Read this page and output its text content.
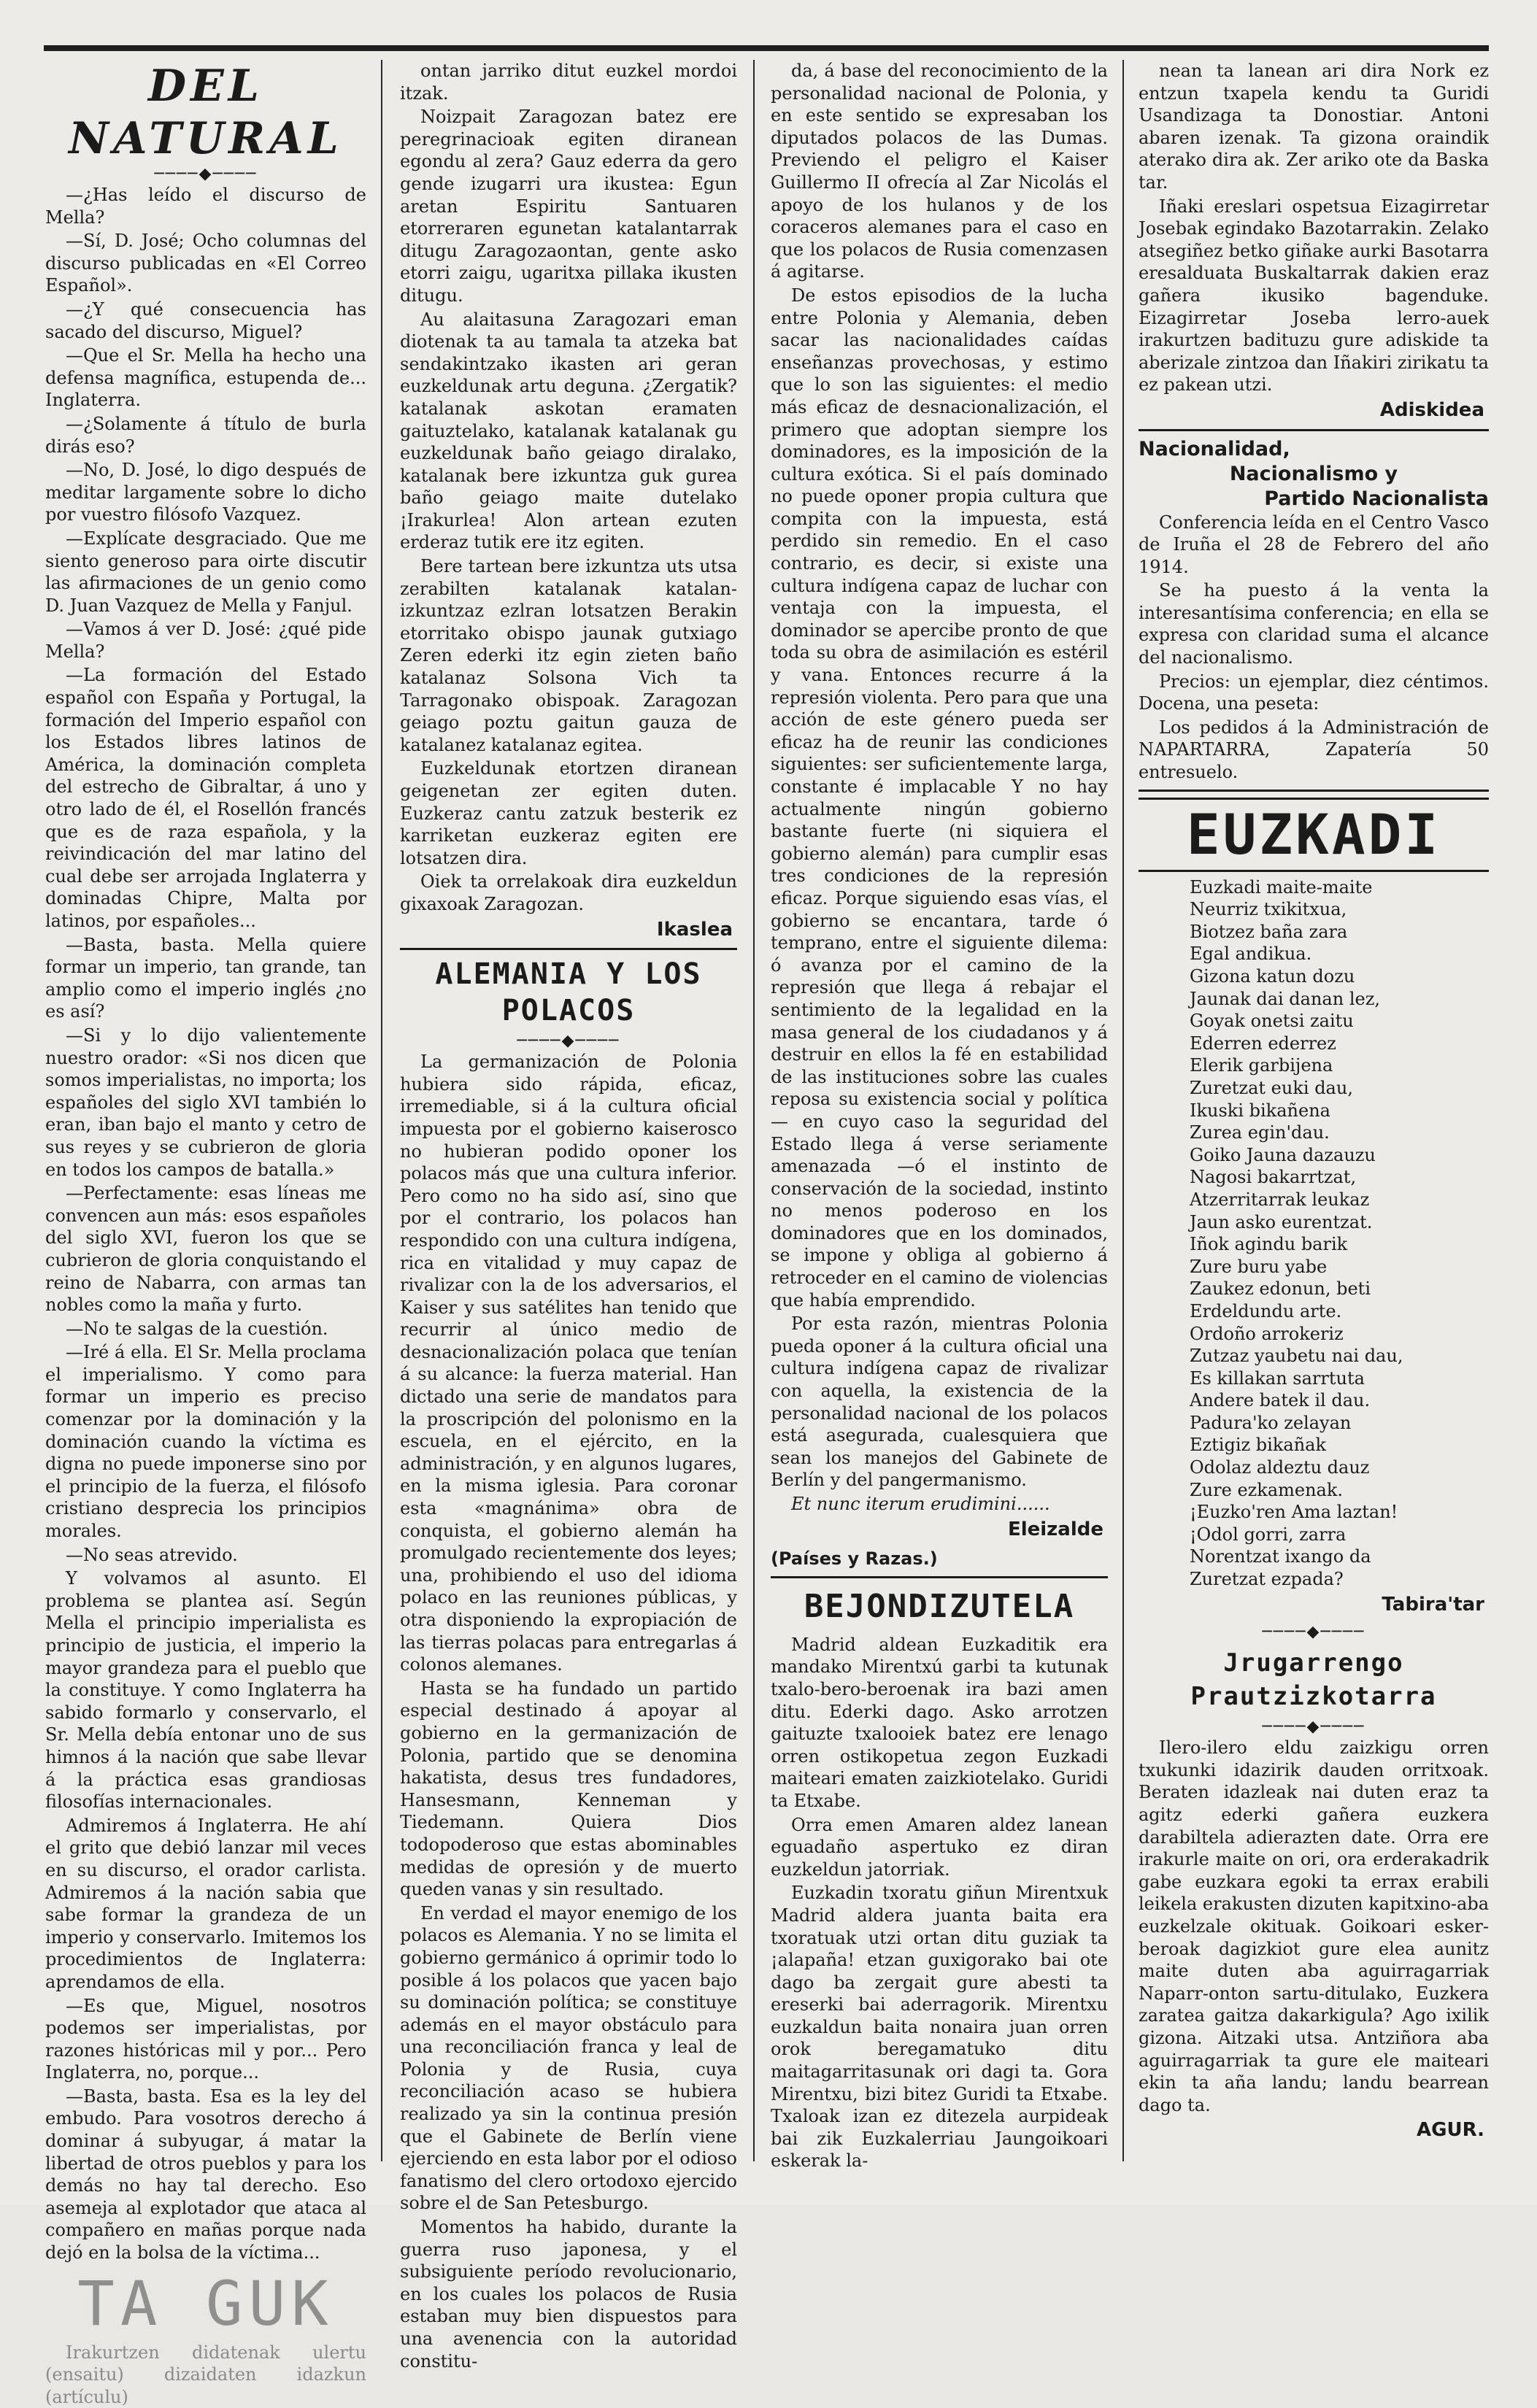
DEL NATURAL
────◆────

—¿Has leído el discurso de Mella?

—Sí, D. José; Ocho columnas del discurso publicadas en «El Correo Español».

—¿Y qué consecuencia has sacado del discurso, Miguel?

—Que el Sr. Mella ha hecho una defensa magnífica, estupenda de... Inglaterra.

—¿Solamente á título de burla dirás eso?

—No, D. José, lo digo después de meditar largamente sobre lo dicho por vuestro filósofo Vazquez.

—Explícate desgraciado. Que me siento generoso para oirte discutir las afirmaciones de un genio como D. Juan Vazquez de Mella y Fanjul.

—Vamos á ver D. José: ¿qué pide Mella?

—La formación del Estado español con España y Portugal, la formación del Imperio español con los Estados libres latinos de América, la dominación completa del estrecho de Gibraltar, á uno y otro lado de él, el Rosellón francés que es de raza española, y la reivindicación del mar latino del cual debe ser arrojada Inglaterra y dominadas Chipre, Malta por latinos, por españoles...

—Basta, basta. Mella quiere formar un imperio, tan grande, tan amplio como el imperio inglés ¿no es así?

—Si y lo dijo valientemente nuestro orador: «Si nos dicen que somos imperialistas, no importa; los españoles del siglo XVI también lo eran, iban bajo el manto y cetro de sus reyes y se cubrieron de gloria en todos los campos de batalla.»

—Perfectamente: esas líneas me convencen aun más: esos españoles del siglo XVI, fueron los que se cubrieron de gloria conquistando el reino de Nabarra, con armas tan nobles como la maña y furto.

—No te salgas de la cuestión.

—Iré á ella. El Sr. Mella proclama el imperialismo. Y como para formar un imperio es preciso comenzar por la dominación y la dominación cuando la víctima es digna no puede imponerse sino por el principio de la fuerza, el filósofo cristiano desprecia los principios morales.

—No seas atrevido.

Y volvamos al asunto. El problema se plantea así. Según Mella el principio imperialista es principio de justicia, el imperio la mayor grandeza para el pueblo que la constituye. Y como Inglaterra ha sabido formarlo y conservarlo, el Sr. Mella debía entonar uno de sus himnos á la nación que sabe llevar á la práctica esas grandiosas filosofías internacionales.

Admiremos á Inglaterra. He ahí el grito que debió lanzar mil veces en su discurso, el orador carlista. Admiremos á la nación sabia que sabe formar la grandeza de un imperio y conservarlo. Imitemos los procedimientos de Inglaterra: aprendamos de ella.

—Es que, Miguel, nosotros podemos ser imperialistas, por razones históricas mil y por... Pero Inglaterra, no, porque...

—Basta, basta. Esa es la ley del embudo. Para vosotros derecho á dominar á subyugar, á matar la libertad de otros pueblos y para los demás no hay tal derecho. Eso asemeja al explotador que ataca al compañero en mañas porque nada dejó en la bolsa de la víctima...

TA GUK

Irakurtzen didatenak ulertu (ensaitu) dizaidaten idazkun (artículu)

ontan jarriko ditut euzkel mordoi itzak.

Noizpait Zaragozan batez ere peregrinacioak egiten diranean egondu al zera? Gauz ederra da gero gende izugarri ura ikustea: Egun aretan Espiritu Santuaren etorreraren egunetan katalantarrak ditugu Zaragozaontan, gente asko etorri zaigu, ugaritxa pillaka ikusten ditugu.

Au alaitasuna Zaragozari eman diotenak ta au tamala ta atzeka bat sendakintzako ikasten ari geran euzkeldunak artu deguna. ¿Zergatik? katalanak askotan eramaten gaituztelako, katalanak katalanak gu euzkeldunak baño geiago diralako, katalanak bere izkuntza guk gurea baño geiago maite dutelako ¡Irakurlea! Alon artean ezuten erderaz tutik ere itz egiten.

Bere tartean bere izkuntza uts utsa zerabilten katalanak katalan-izkuntzaz ezlran lotsatzen Berakin etorritako obispo jaunak gutxiago Zeren ederki itz egin zieten baño katalanaz Solsona Vich ta Tarragonako obispoak. Zaragozan geiago poztu gaitun gauza de katalanez katalanaz egitea.

Euzkeldunak etortzen diranean geigenetan zer egiten duten. Euzkeraz cantu zatzuk besterik ez karriketan euzkeraz egiten ere lotsatzen dira.

Oiek ta orrelakoak dira euzkeldun gixaxoak Zaragozan.

Ikaslea
ALEMANIA Y LOS POLACOS
────◆────

La germanización de Polonia hubiera sido rápida, eficaz, irremediable, si á la cultura oficial impuesta por el gobierno kaiserosco no hubieran podido oponer los polacos más que una cultura inferior. Pero como no ha sido así, sino que por el contrario, los polacos han respondido con una cultura indígena, rica en vitalidad y muy capaz de rivalizar con la de los adversarios, el Kaiser y sus satélites han tenido que recurrir al único medio de desnacionalización polaca que tenían á su alcance: la fuerza material. Han dictado una serie de mandatos para la proscripción del polonismo en la escuela, en el ejército, en la administración, y en algunos lugares, en la misma iglesia. Para coronar esta «magnánima» obra de conquista, el gobierno alemán ha promulgado recientemente dos leyes; una, prohibiendo el uso del idioma polaco en las reuniones públicas, y otra disponiendo la expropiación de las tierras polacas para entregarlas á colonos alemanes.

Hasta se ha fundado un partido especial destinado á apoyar al gobierno en la germanización de Polonia, partido que se denomina hakatista, desus tres fundadores, Hansesmann, Kenneman y Tiedemann. Quiera Dios todopoderoso que estas abominables medidas de opresión y de muerto queden vanas y sin resultado.

En verdad el mayor enemigo de los polacos es Alemania. Y no se limita el gobierno germánico á oprimir todo lo posible á los polacos que yacen bajo su dominación política; se constituye además en el mayor obstáculo para una reconciliación franca y leal de Polonia y de Rusia, cuya reconciliación acaso se hubiera realizado ya sin la continua presión que el Gabinete de Berlín viene ejerciendo en esta labor por el odioso fanatismo del clero ortodoxo ejercido sobre el de San Petesburgo.

Momentos ha habido, durante la guerra ruso japonesa, y el subsiguiente período revolucionario, en los cuales los polacos de Rusia estaban muy bien dispuestos para una avenencia con la autoridad constitu-

da, á base del reconocimiento de la personalidad nacional de Polonia, y en este sentido se expresaban los diputados polacos de las Dumas. Previendo el peligro el Kaiser Guillermo II ofrecía al Zar Nicolás el apoyo de los hulanos y de los coraceros alemanes para el caso en que los polacos de Rusia comenzasen á agitarse.

De estos episodios de la lucha entre Polonia y Alemania, deben sacar las nacionalidades caídas enseñanzas provechosas, y estimo que lo son las siguientes: el medio más eficaz de desnacionalización, el primero que adoptan siempre los dominadores, es la imposición de la cultura exótica. Si el país dominado no puede oponer propia cultura que compita con la impuesta, está perdido sin remedio. En el caso contrario, es decir, si existe una cultura indígena capaz de luchar con ventaja con la impuesta, el dominador se apercibe pronto de que toda su obra de asimilación es estéril y vana. Entonces recurre á la represión violenta. Pero para que una acción de este género pueda ser eficaz ha de reunir las condiciones siguientes: ser suficientemente larga, constante é implacable Y no hay actualmente ningún gobierno bastante fuerte (ni siquiera el gobierno alemán) para cumplir esas tres condiciones de la represión eficaz. Porque siguiendo esas vías, el gobierno se encantara, tarde ó temprano, entre el siguiente dilema: ó avanza por el camino de la represión que llega á rebajar el sentimiento de la legalidad en la masa general de los ciudadanos y á destruir en ellos la fé en estabilidad de las instituciones sobre las cuales reposa su existencia social y política— en cuyo caso la seguridad del Estado llega á verse seriamente amenazada —ó el instinto de conservación de la sociedad, instinto no menos poderoso en los dominadores que en los dominados, se impone y obliga al gobierno á retroceder en el camino de violencias que había emprendido.

Por esta razón, mientras Polonia pueda oponer á la cultura oficial una cultura indígena capaz de rivalizar con aquella, la existencia de la personalidad nacional de los polacos está asegurada, cualesquiera que sean los manejos del Gabinete de Berlín y del pangermanismo.

Et nunc iterum erudimini......

Eleizalde
(Países y Razas.)
BEJONDIZUTELA

Madrid aldean Euzkaditik era mandako Mirentxú garbi ta kutunak txalo-bero-beroenak ira bazi amen ditu. Ederki dago. Asko arrotzen gaituzte txalooiek batez ere lenago orren ostikopetua zegon Euzkadi maiteari ematen zaizkiotelako. Guridi ta Etxabe.

Orra emen Amaren aldez lanean eguadaño aspertuko ez diran euzkeldun jatorriak.

Euzkadin txoratu giñun Mirentxuk Madrid aldera juanta baita era txoratuak utzi ortan ditu guziak ta ¡alapaña! etzan guxigorako bai ote dago ba zergait gure abesti ta ereserki bai aderragorik. Mirentxu euzkaldun baita nonaira juan orren orok beregamatuko ditu maitagarritasunak ori dagi ta. Gora Mirentxu, bizi bitez Guridi ta Etxabe. Txaloak izan ez ditezela aurpideak bai zik Euzkalerriau Jaungoikoari eskerak la-

nean ta lanean ari dira Nork ez entzun txapela kendu ta Guridi Usandizaga ta Donostiar. Antoni abaren izenak. Ta gizona oraindik aterako dira ak. Zer ariko ote da Baska tar.

Iñaki ereslari ospetsua Eizagirretar Josebak egindako Bazotarrakin. Zelako atsegiñez betko giñake aurki Basotarra eresalduata Buskaltarrak dakien eraz gañera ikusiko bagenduke. Eizagirretar Joseba lerro-auek irakurtzen badituzu gure adiskide ta aberizale zintzoa dan Iñakiri zirikatu ta ez pakean utzi.

Adiskidea
Nacionalidad,
Nacionalismo y
Partido Nacionalista

Conferencia leída en el Centro Vasco de Iruña el 28 de Febrero del año 1914.

Se ha puesto á la venta la interesantísima conferencia; en ella se expresa con claridad suma el alcance del nacionalismo.

Precios: un ejemplar, diez céntimos. Docena, una peseta:

Los pedidos á la Administración de NAPARTARRA, Zapatería 50 entresuelo.

EUZKADI
Euzkadi maite-maite
Neurriz txikitxua,
Biotzez baña zara
Egal andikua.
Gizona katun dozu
Jaunak dai danan lez,
Goyak onetsi zaitu
Ederren ederrez
Elerik garbijena
Zuretzat euki dau,
Ikuski bikañena
Zurea egin'dau.
Goiko Jauna dazauzu
Nagosi bakarrtzat,
Atzerritarrak leukaz
Jaun asko eurentzat.
Iñok agindu barik
Zure buru yabe
Zaukez edonun, beti
Erdeldundu arte.
Ordoño arrokeriz
Zutzaz yaubetu nai dau,
Es killakan sarrtuta
Andere batek il dau.
Padura'ko zelayan
Eztigiz bikañak
Odolaz aldeztu dauz
Zure ezkamenak.
¡Euzko'ren Ama laztan!
¡Odol gorri, zarra
Norentzat ixango da
Zuretzat ezpada?
Tabira'tar
────◆────
Jrugarrengo Prautzizkotarra
────◆────

Ilero-ilero eldu zaizkigu orren txukunki idazirik dauden orritxoak. Beraten idazleak nai duten eraz ta agitz ederki gañera euzkera darabiltela adierazten date. Orra ere irakurle maite on ori, ora erderakadrik gabe euzkara egoki ta errax erabili leikela erakusten dizuten kapitxino-aba euzkelzale okituak. Goikoari esker-beroak dagizkiot gure elea aunitz maite duten aba aguirragarriak Naparr-onton sartu-ditulako, Euzkera zaratea gaitza dakarkigula? Ago ixilik gizona. Aitzaki utsa. Antziñora aba aguirragarriak ta gure ele maiteari ekin ta aña landu; landu bearrean dago ta.

AGUR.
